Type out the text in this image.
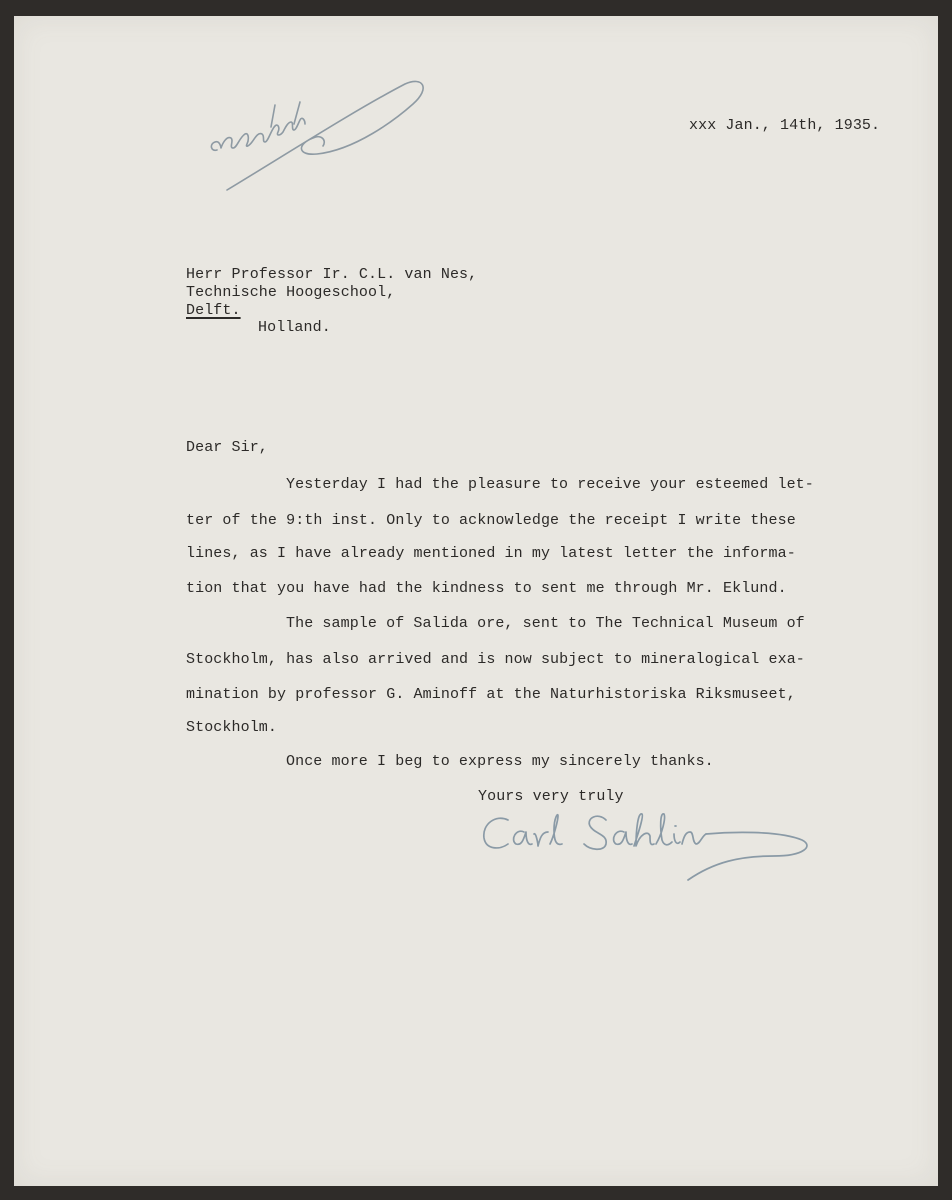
xxx Jan., 14th, 1935.
Herr Professor Ir. C.L. van Nes,
Technische Hoogeschool,
Delft.
Holland.
Dear Sir,
Yesterday I had the pleasure to receive your esteemed let-
ter of the 9:th inst. Only to acknowledge the receipt I write these
lines, as I have already mentioned in my latest letter the informa-
tion that you have had the kindness to sent me through Mr. Eklund.
The sample of Salida ore, sent to The Technical Museum of
Stockholm, has also arrived and is now subject to mineralogical exa-
mination by professor G. Aminoff at the Naturhistoriska Riksmuseet,
Stockholm.
Once more I beg to express my sincerely thanks.
Yours very truly
